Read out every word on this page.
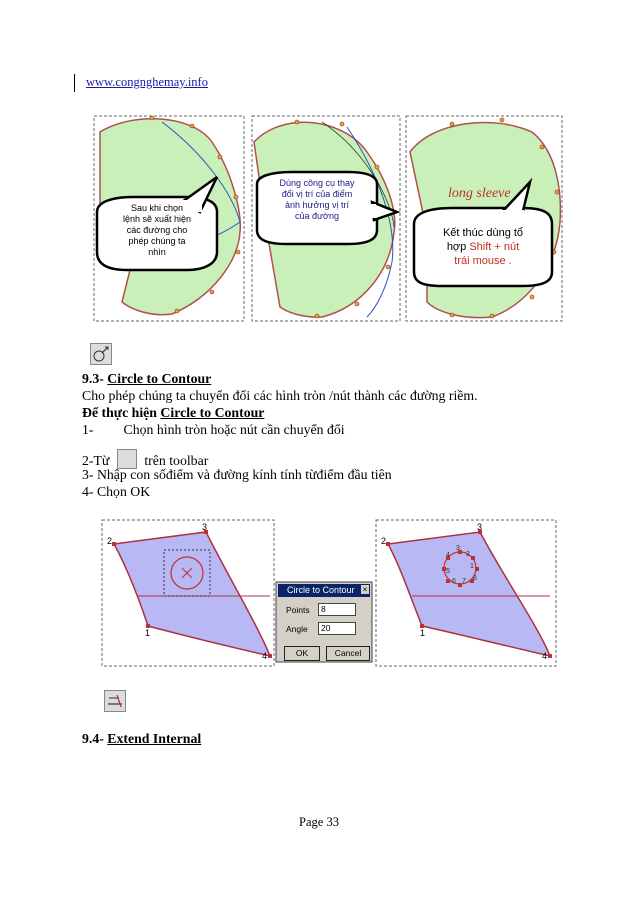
www.congnghemay.info
Sau khi chọn
lệnh sẽ xuất hiện
các đường cho
phép chúng ta
nhìn
Dùng công cụ thay
đổi vị trí của điểm
ảnh hưởng vị trí
của đường
long sleeve
Kết thúc dùng tổ
hợp Shift + nút
trái mouse .
9.3- Circle to Contour
Cho phép chúng ta chuyển đổi các hình tròn /nút thành các đường riềm.
Để thực hiện Circle to Contour
1- Chọn hình tròn hoặc nút cần chuyển đổi
2-Từ	trên toolbar
3- Nhập con sốđiểm và đường kính tính từđiểm đầu tiên
4- Chọn OK
2
3
1
4
2
3
1
4
3
2
4
1
5
6 7 8
Circle to Contour ×
Points	8
Angle	20
OK	Cancel
9.4- Extend Internal
Page 33
